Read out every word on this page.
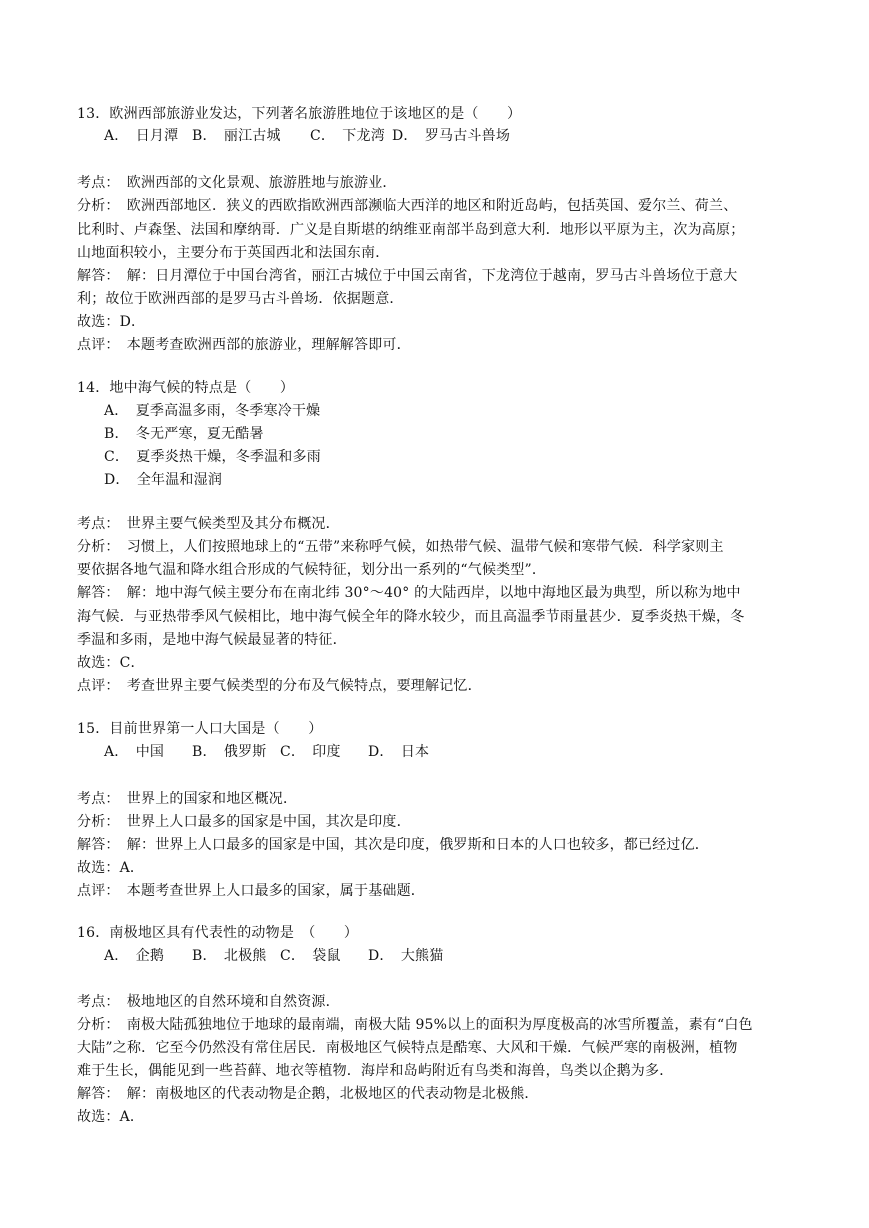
13．欧洲西部旅游业发达，下列著名旅游胜地位于该地区的是（　　）
A．　日月潭 B．　丽江古城 C．　下龙湾 D．　罗马古斗兽场
考点：　欧洲西部的文化景观、旅游胜地与旅游业．
分析：　欧洲西部地区．狭义的西欧指欧洲西部濒临大西洋的地区和附近岛屿，包括英国、爱尔兰、荷兰、
比利时、卢森堡、法国和摩纳哥．广义是自斯堪的纳维亚南部半岛到意大利．地形以平原为主，次为高原；
山地面积较小，主要分布于英国西北和法国东南．
解答：　解：日月潭位于中国台湾省，丽江古城位于中国云南省，下龙湾位于越南，罗马古斗兽场位于意大
利；故位于欧洲西部的是罗马古斗兽场．依据题意．
故选：D．
点评：　本题考查欧洲西部的旅游业，理解解答即可．
14．地中海气候的特点是（　　）
A．　夏季高温多雨，冬季寒冷干燥
B．　冬无严寒，夏无酷暑
C．　夏季炎热干燥，冬季温和多雨
D．　全年温和湿润
考点：　世界主要气候类型及其分布概况．
分析：　习惯上，人们按照地球上的“五带”来称呼气候，如热带气候、温带气候和寒带气候．科学家则主
要依据各地气温和降水组合形成的气候特征，划分出一系列的“气候类型”．
解答：　解：地中海气候主要分布在南北纬 30°～40° 的大陆西岸，以地中海地区最为典型，所以称为地中
海气候．与亚热带季风气候相比，地中海气候全年的降水较少，而且高温季节雨量甚少．夏季炎热干燥，冬
季温和多雨，是地中海气候最显著的特征．
故选：C．
点评：　考查世界主要气候类型的分布及气候特点，要理解记忆．
15．目前世界第一人口大国是（　　）
A．　中国 B．　俄罗斯 C．　印度 D．　日本
考点：　世界上的国家和地区概况．
分析：　世界上人口最多的国家是中国，其次是印度．
解答：　解：世界上人口最多的国家是中国，其次是印度，俄罗斯和日本的人口也较多，都已经过亿．
故选：A．
点评：　本题考查世界上人口最多的国家，属于基础题．
16．南极地区具有代表性的动物是　（　　）
A．　企鹅 B．　北极熊 C．　袋鼠 D．　大熊猫
考点：　极地地区的自然环境和自然资源．
分析：　南极大陆孤独地位于地球的最南端，南极大陆 95%以上的面积为厚度极高的冰雪所覆盖，素有“白色
大陆”之称．它至今仍然没有常住居民．南极地区气候特点是酷寒、大风和干燥．气候严寒的南极洲，植物
难于生长，偶能见到一些苔藓、地衣等植物．海岸和岛屿附近有鸟类和海兽，鸟类以企鹅为多．
解答：　解：南极地区的代表动物是企鹅，北极地区的代表动物是北极熊．
故选：A．
